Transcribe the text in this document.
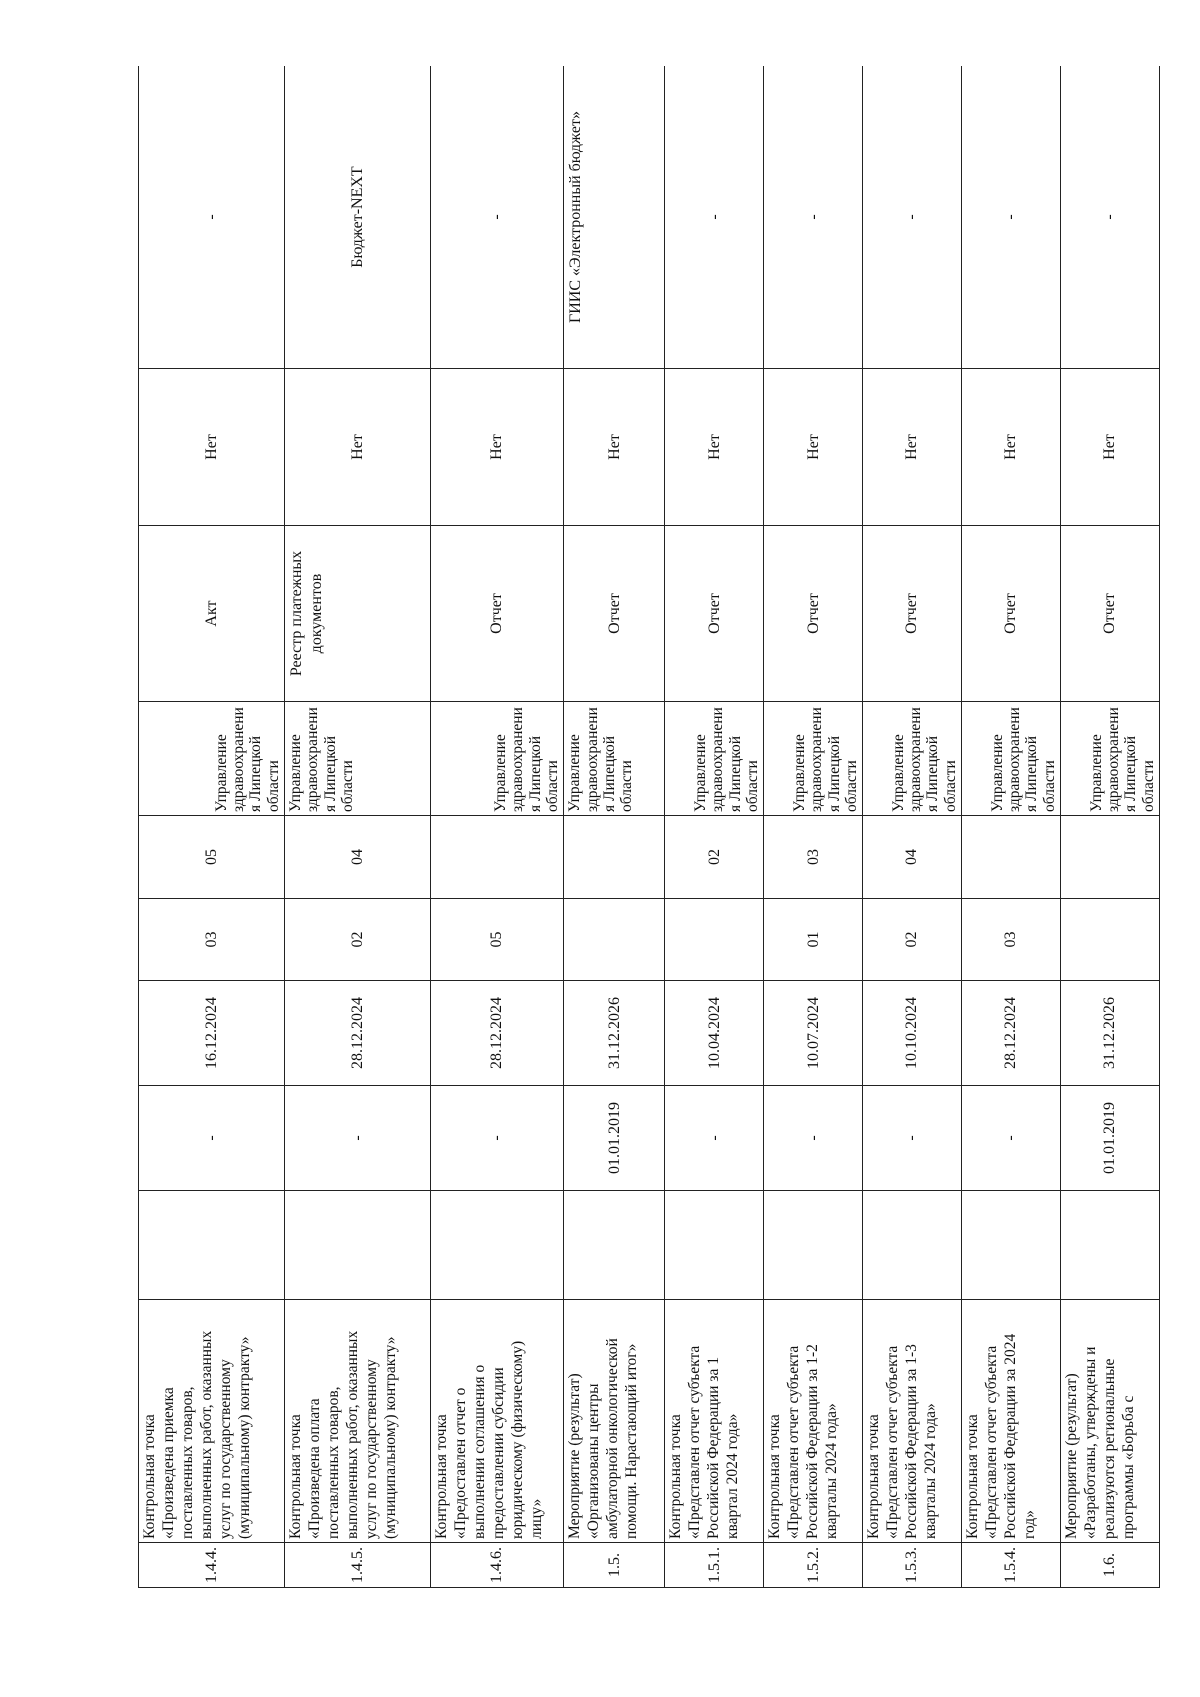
1.4.4.	Контрольная точка «Произведена приемка поставленных товаров, выполненных работ, оказанных услуг по государственному (муниципальному) контракту»		-	16.12.2024	03	05	Управление здравоохранения Липецкой области	Акт	Нет	-
1.4.5.	Контрольная точка «Произведена оплата поставленных товаров, выполненных работ, оказанных услуг по государственному (муниципальному) контракту»		-	28.12.2024	02	04	Управление здравоохранения Липецкой области	Реестр платежных документов	Нет	Бюджет-NEXT
1.4.6.	Контрольная точка «Предоставлен отчет о выполнении соглашения о предоставлении субсидии юридическому (физическому) лицу»		-	28.12.2024	05		Управление здравоохранения Липецкой области	Отчет	Нет	-
1.5.	Мероприятие (результат) «Организованы центры амбулаторной онкологической помощи. Нарастающий итог»		01.01.2019	31.12.2026			Управление здравоохранения Липецкой области	Отчет	Нет	ГИИС «Электронный бюджет»
1.5.1.	Контрольная точка «Представлен отчет субъекта Российской Федерации за 1 квартал 2024 года»		-	10.04.2024		02	Управление здравоохранения Липецкой области	Отчет	Нет	-
1.5.2.	Контрольная точка «Представлен отчет субъекта Российской Федерации за 1-2 кварталы 2024 года»		-	10.07.2024	01	03	Управление здравоохранения Липецкой области	Отчет	Нет	-
1.5.3.	Контрольная точка «Представлен отчет субъекта Российской Федерации за 1-3 кварталы 2024 года»		-	10.10.2024	02	04	Управление здравоохранения Липецкой области	Отчет	Нет	-
1.5.4.	Контрольная точка «Представлен отчет субъекта Российской Федерации за 2024 год»		-	28.12.2024	03		Управление здравоохранения Липецкой области	Отчет	Нет	-
1.6.	Мероприятие (результат) «Разработаны, утверждены и реализуются региональные программы «Борьба с		01.01.2019	31.12.2026			Управление здравоохранения Липецкой области	Отчет	Нет	-
